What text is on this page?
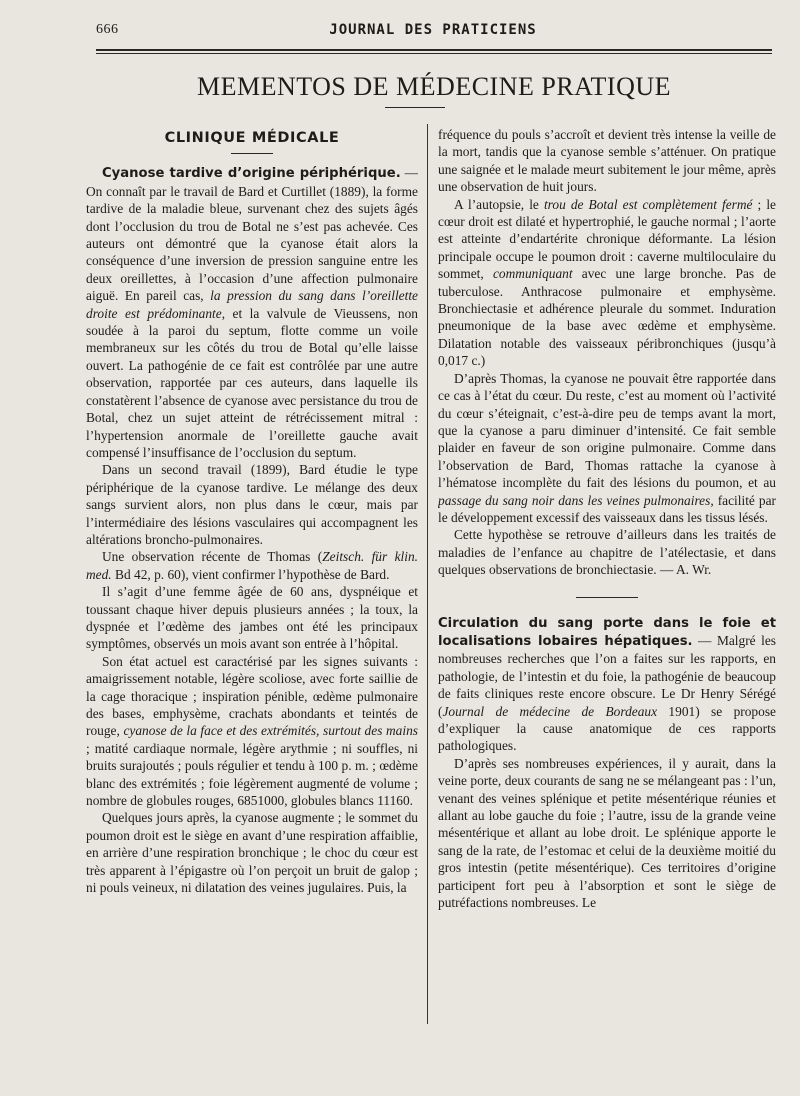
666	JOURNAL DES PRATICIENS
MEMENTOS DE MÉDECINE PRATIQUE
CLINIQUE MÉDICALE

Cyanose tardive d’origine périphérique. — On connaît par le travail de Bard et Curtillet (1889), la forme tardive de la maladie bleue, survenant chez des sujets âgés dont l’occlusion du trou de Botal ne s’est pas achevée. Ces auteurs ont démontré que la cyanose était alors la conséquence d’une inversion de pression sanguine entre les deux oreillettes, à l’occasion d’une affection pulmonaire aiguë. En pareil cas, la pression du sang dans l’oreillette droite est prédominante, et la valvule de Vieussens, non soudée à la paroi du septum, flotte comme un voile membraneux sur les côtés du trou de Botal qu’elle laisse ouvert. La pathogénie de ce fait est contrôlée par une autre observation, rapportée par ces auteurs, dans laquelle ils constatèrent l’absence de cyanose avec persistance du trou de Botal, chez un sujet atteint de rétrécissement mitral : l’hypertension anormale de l’oreillette gauche avait compensé l’insuffisance de l’occlusion du septum.

Dans un second travail (1899), Bard étudie le type périphérique de la cyanose tardive. Le mélange des deux sangs survient alors, non plus dans le cœur, mais par l’intermédiaire des lésions vasculaires qui accompagnent les altérations broncho-pulmonaires.

Une observation récente de Thomas (Zeitsch. für klin. med. Bd 42, p. 60), vient confirmer l’hypothèse de Bard.

Il s’agit d’une femme âgée de 60 ans, dyspnéique et toussant chaque hiver depuis plusieurs années ; la toux, la dyspnée et l’œdème des jambes ont été les principaux symptômes, observés un mois avant son entrée à l’hôpital.

Son état actuel est caractérisé par les signes suivants : amaigrissement notable, légère scoliose, avec forte saillie de la cage thoracique ; inspiration pénible, œdème pulmonaire des bases, emphysème, crachats abondants et teintés de rouge, cyanose de la face et des extrémités, surtout des mains ; matité cardiaque normale, légère arythmie ; ni souffles, ni bruits surajoutés ; pouls régulier et tendu à 100 p. m. ; œdème blanc des extrémités ; foie légèrement augmenté de volume ; nombre de globules rouges, 6851000, globules blancs 11160.

Quelques jours après, la cyanose augmente ; le sommet du poumon droit est le siège en avant d’une respiration affaiblie, en arrière d’une respiration bronchique ; le choc du cœur est très apparent à l’épigastre où l’on perçoit un bruit de galop ; ni pouls veineux, ni dilatation des veines jugulaires. Puis, la

fréquence du pouls s’accroît et devient très intense la veille de la mort, tandis que la cyanose semble s’atténuer. On pratique une saignée et le malade meurt subitement le jour même, après une observation de huit jours.

A l’autopsie, le trou de Botal est complètement fermé ; le cœur droit est dilaté et hypertrophié, le gauche normal ; l’aorte est atteinte d’endartérite chronique déformante. La lésion principale occupe le poumon droit : caverne multiloculaire du sommet, communiquant avec une large bronche. Pas de tuberculose. Anthracose pulmonaire et emphysème. Bronchiectasie et adhérence pleurale du sommet. Induration pneumonique de la base avec œdème et emphysème. Dilatation notable des vaisseaux péribronchiques (jusqu’à 0,017 c.)

D’après Thomas, la cyanose ne pouvait être rapportée dans ce cas à l’état du cœur. Du reste, c’est au moment où l’activité du cœur s’éteignait, c’est-à-dire peu de temps avant la mort, que la cyanose a paru diminuer d’intensité. Ce fait semble plaider en faveur de son origine pulmonaire. Comme dans l’observation de Bard, Thomas rattache la cyanose à l’hématose incomplète du fait des lésions du poumon, et au passage du sang noir dans les veines pulmonaires, facilité par le développement excessif des vaisseaux dans les tissus lésés.

Cette hypothèse se retrouve d’ailleurs dans les traités de maladies de l’enfance au chapitre de l’atélectasie, et dans quelques observations de bronchiectasie. — A. Wr.

Circulation du sang porte dans le foie et localisations lobaires hépatiques. — Malgré les nombreuses recherches que l’on a faites sur les rapports, en pathologie, de l’intestin et du foie, la pathogénie de beaucoup de faits cliniques reste encore obscure. Le Dr Henry Sérégé (Journal de médecine de Bordeaux 1901) se propose d’expliquer la cause anatomique de ces rapports pathologiques.

D’après ses nombreuses expériences, il y aurait, dans la veine porte, deux courants de sang ne se mélangeant pas : l’un, venant des veines splénique et petite mésentérique réunies et allant au lobe gauche du foie ; l’autre, issu de la grande veine mésentérique et allant au lobe droit. Le splénique apporte le sang de la rate, de l’estomac et celui de la deuxième moitié du gros intestin (petite mésentérique). Ces territoires d’origine participent fort peu à l’absorption et sont le siège de putréfactions nombreuses. Le
